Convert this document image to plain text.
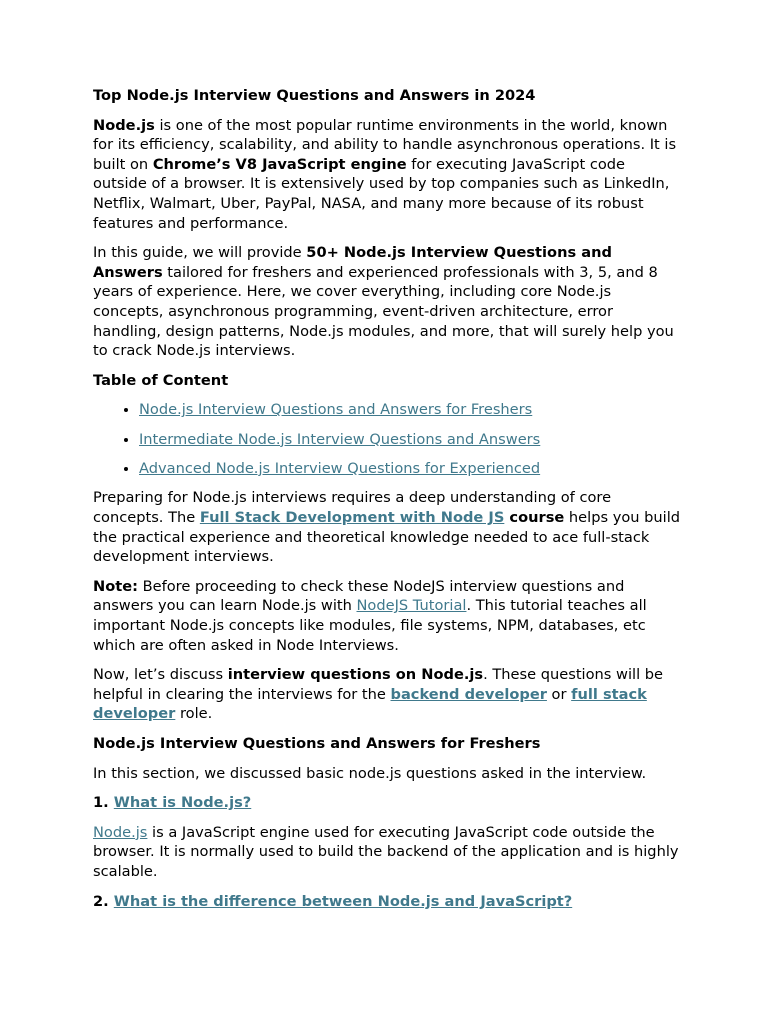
Top Node.js Interview Questions and Answers in 2024

Node.js is one of the most popular runtime environments in the world, known for its efficiency, scalability, and ability to handle asynchronous operations. It is built on Chrome’s V8 JavaScript engine for executing JavaScript code outside of a browser. It is extensively used by top companies such as LinkedIn, Netflix, Walmart, Uber, PayPal, NASA, and many more because of its robust features and performance.

In this guide, we will provide 50+ Node.js Interview Questions and Answers tailored for freshers and experienced professionals with 3, 5, and 8 years of experience. Here, we cover everything, including core Node.js concepts, asynchronous programming, event-driven architecture, error handling, design patterns, Node.js modules, and more, that will surely help you to crack Node.js interviews.

Table of Content
• Node.js Interview Questions and Answers for Freshers
• Intermediate Node.js Interview Questions and Answers
• Advanced Node.js Interview Questions for Experienced

Preparing for Node.js interviews requires a deep understanding of core concepts. The Full Stack Development with Node JS course helps you build the practical experience and theoretical knowledge needed to ace full-stack development interviews.

Note: Before proceeding to check these NodeJS interview questions and answers you can learn Node.js with NodeJS Tutorial. This tutorial teaches all important Node.js concepts like modules, file systems, NPM, databases, etc which are often asked in Node Interviews.

Now, let’s discuss interview questions on Node.js. These questions will be helpful in clearing the interviews for the backend developer or full stack developer role.

Node.js Interview Questions and Answers for Freshers

In this section, we discussed basic node.js questions asked in the interview.

1. What is Node.js?

Node.js is a JavaScript engine used for executing JavaScript code outside the browser. It is normally used to build the backend of the application and is highly scalable.

2. What is the difference between Node.js and JavaScript?
